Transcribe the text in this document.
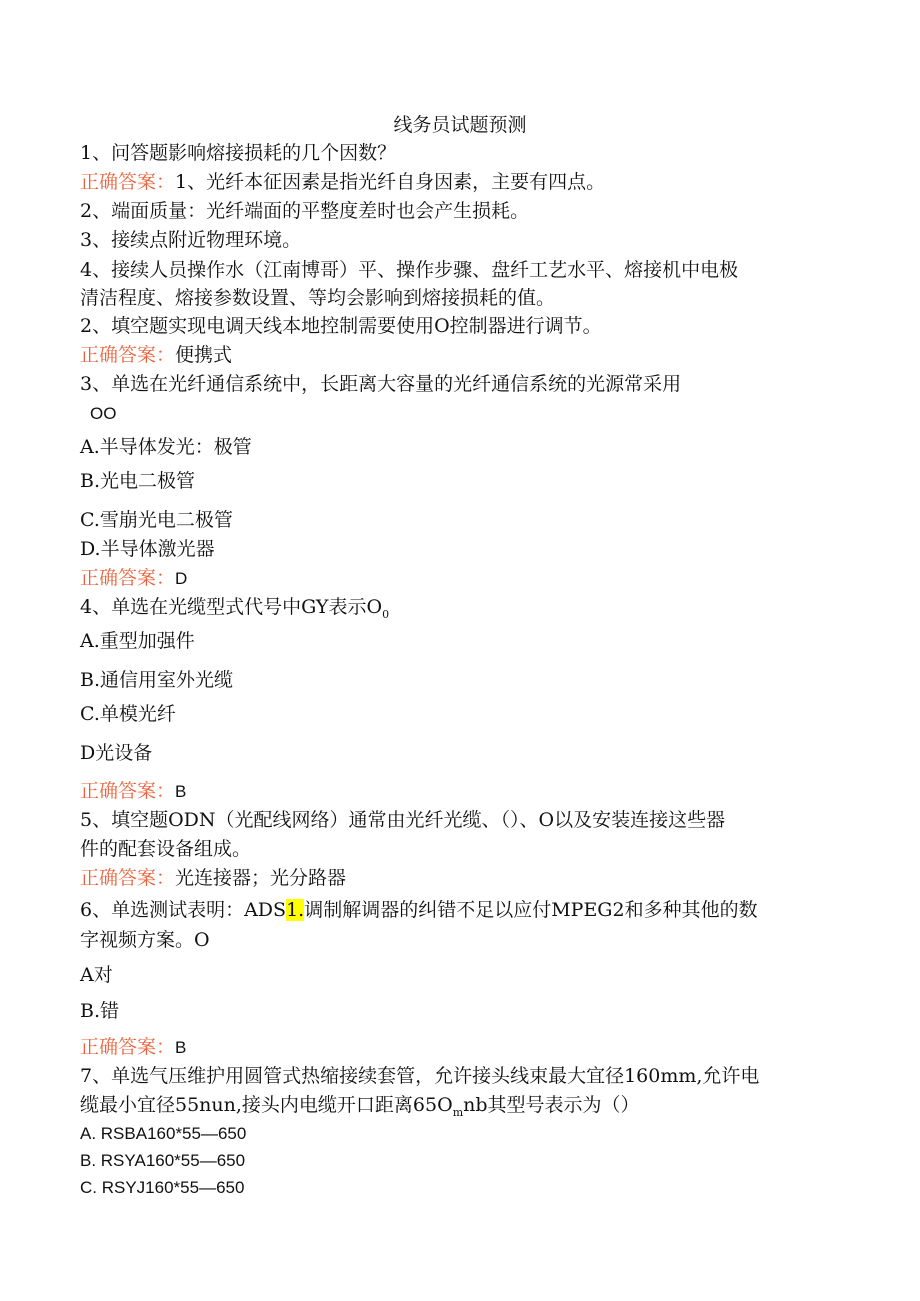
线务员试题预测
1、问答题影响熔接损耗的几个因数？
正确答案：1、光纤本征因素是指光纤自身因素，主要有四点。
2、端面质量：光纤端面的平整度差时也会产生损耗。
3、接续点附近物理环境。
4、接续人员操作水（江南博哥）平、操作步骤、盘纤工艺水平、熔接机中电极
清洁程度、熔接参数设置、等均会影响到熔接损耗的值。
2、填空题实现电调天线本地控制需要使用O控制器进行调节。
正确答案：便携式
3、单选在光纤通信系统中，长距离大容量的光纤通信系统的光源常采用
OO
A.半导体发光：极管
B.光电二极管
C.雪崩光电二极管
D.半导体激光器
正确答案：D
4、单选在光缆型式代号中GY表示$O_0$
A.重型加强件
B.通信用室外光缆
C.单模光纤
D光设备
正确答案：B
5、填空题ODN（光配线网络）通常由光纤光缆、（）、O以及安装连接这些器
件的配套设备组成。
正确答案：光连接器；光分路器
6、单选测试表明：ADS1.调制解调器的纠错不足以应付MPEG2和多种其他的数
字视频方案。O
A对
B.错
正确答案：B
7、单选气压维护用圆管式热缩接续套管，允许接头线束最大宜径160mm,允许电
缆最小宜径55nun,接头内电缆开口距离$65O_mnb$其型号表示为（）
A. RSBA160*55—650
B. RSYA160*55—650
C. RSYJ160*55—650
